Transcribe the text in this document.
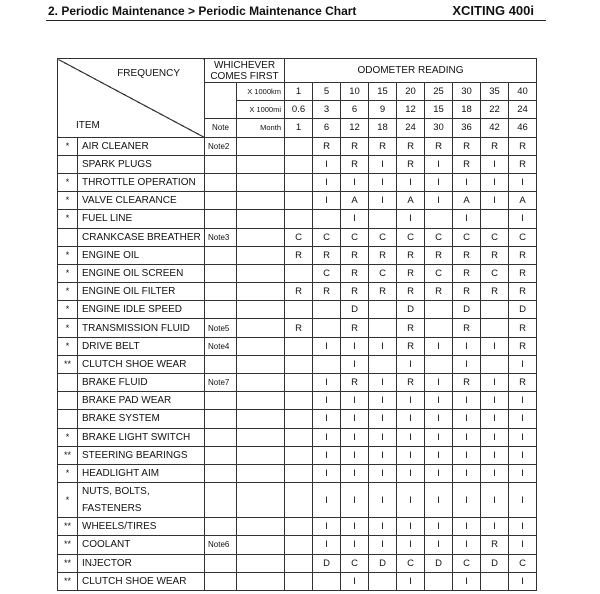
2. Periodic Maintenance > Periodic Maintenance Chart	XCITING 400i
FREQUENCY
ITEM		WHICHEVER
COMES FIRST		ODOMETER READING								
			X 1000km	1	5	10	15	20	25	30	35	40
			X 1000mi	0.6	3	6	9	12	15	18	22	24
		Note	Month	1	6	12	18	24	30	36	42	46
*	AIR CLEANER	Note2			R	R	R	R	R	R	R	R
	SPARK PLUGS				I	R	I	R	I	R	I	R
*	THROTTLE OPERATION				I	I	I	I	I	I	I	I
*	VALVE CLEARANCE				I	A	I	A	I	A	I	A
*	FUEL LINE					I		I		I		I
	CRANKCASE BREATHER	Note3		C	C	C	C	C	C	C	C	C
*	ENGINE OIL			R	R	R	R	R	R	R	R	R
*	ENGINE OIL SCREEN				C	R	C	R	C	R	C	R
*	ENGINE OIL FILTER			R	R	R	R	R	R	R	R	R
*	ENGINE IDLE SPEED					D		D		D		D
*	TRANSMISSION FLUID	Note5		R		R		R		R		R
*	DRIVE BELT	Note4			I	I	I	R	I	I	I	R
**	CLUTCH SHOE WEAR					I		I		I		I
	BRAKE FLUID	Note7			I	R	I	R	I	R	I	R
	BRAKE PAD WEAR				I	I	I	I	I	I	I	I
	BRAKE SYSTEM				I	I	I	I	I	I	I	I
*	BRAKE LIGHT SWITCH				I	I	I	I	I	I	I	I
**	STEERING BEARINGS				I	I	I	I	I	I	I	I
*	HEADLIGHT AIM				I	I	I	I	I	I	I	I
*	NUTS, BOLTS, FASTENERS				I	I	I	I	I	I	I	I
**	WHEELS/TIRES				I	I	I	I	I	I	I	I
**	COOLANT	Note6			I	I	I	I	I	I	R	I
**	INJECTOR				D	C	D	C	D	C	D	C
**	CLUTCH SHOE WEAR					I		I		I		I
